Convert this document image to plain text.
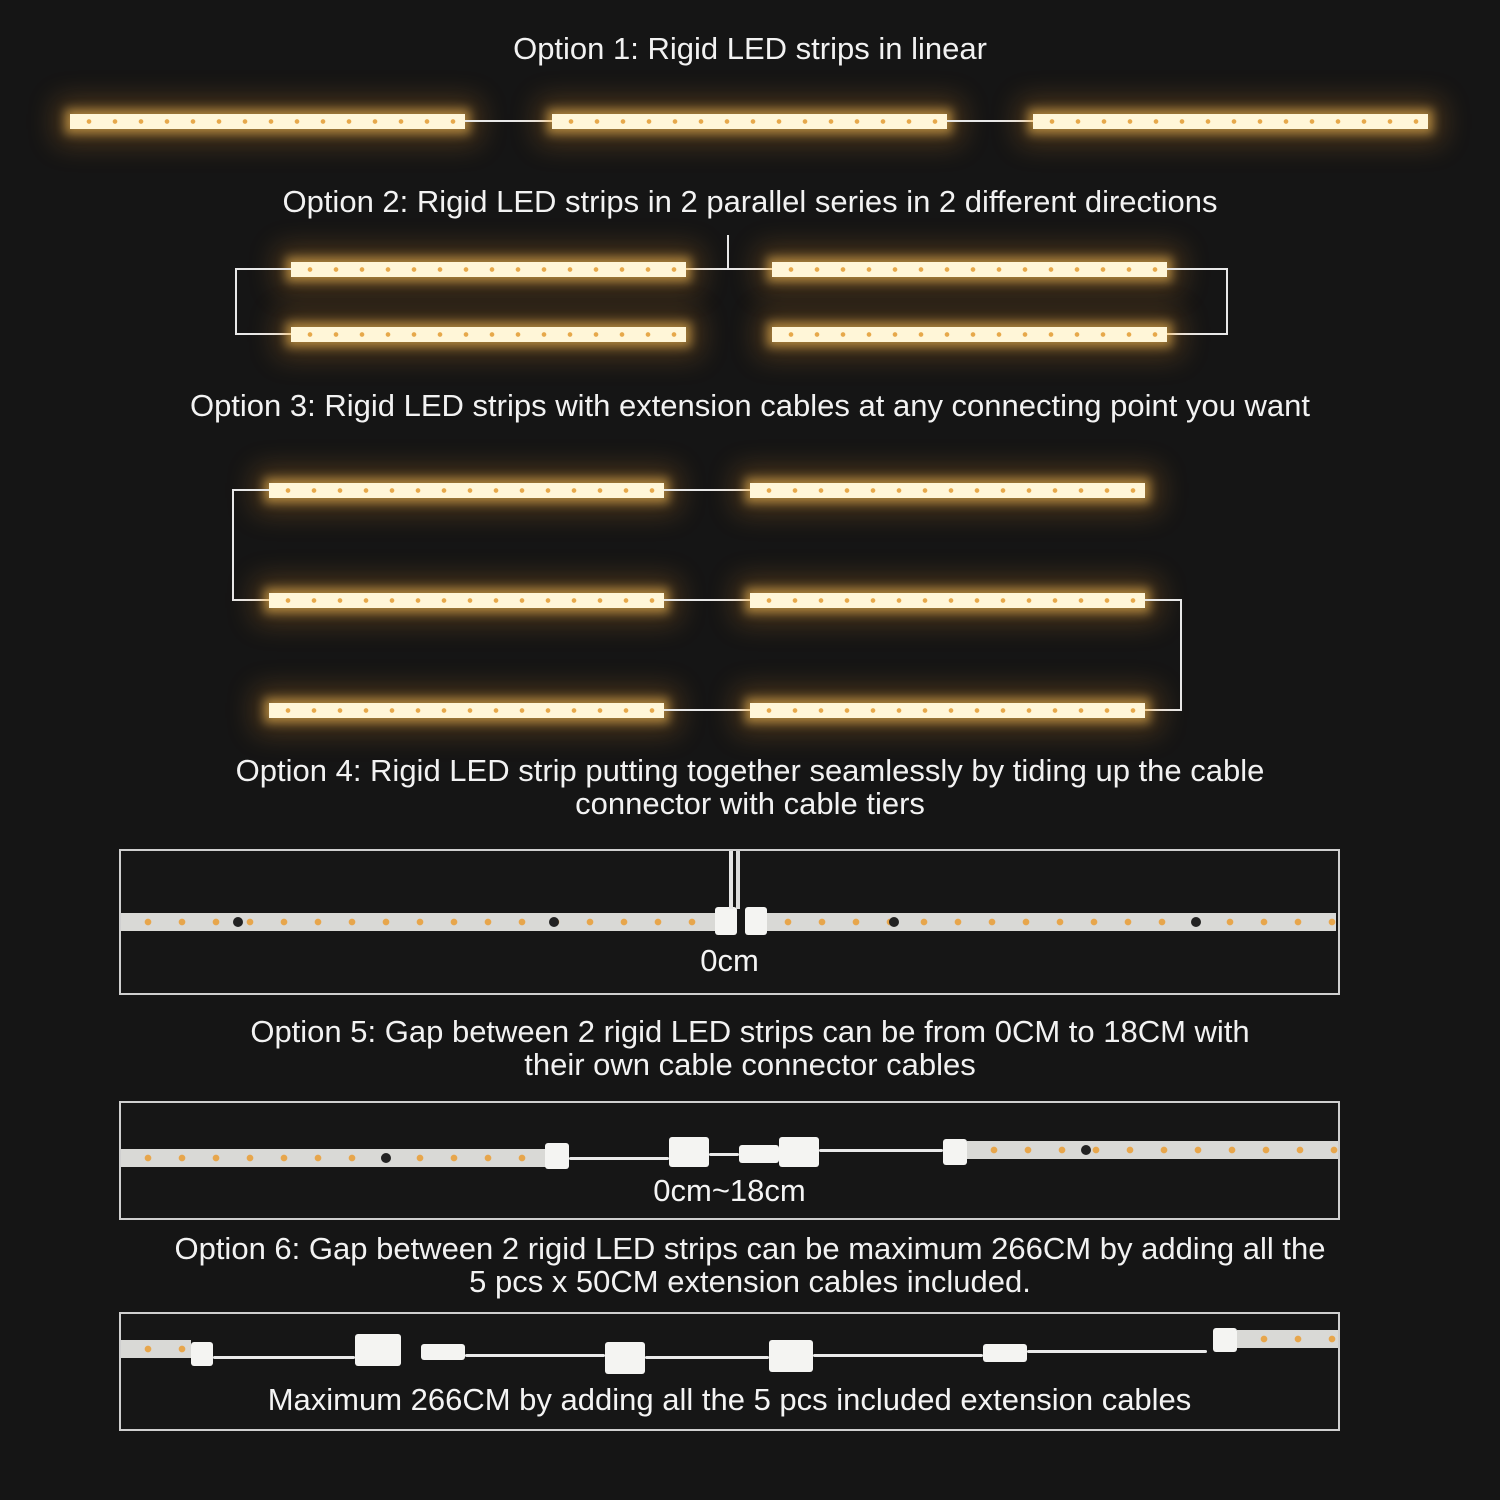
Option 1: Rigid LED strips in linear
Option 2: Rigid LED strips in 2 parallel series in 2 different directions
Option 3: Rigid LED strips with extension cables at any connecting point you want
Option 4: Rigid LED strip putting together seamlessly by tiding up the cable
connector with cable tiers
0cm
Option 5: Gap between 2 rigid LED strips can be from 0CM to 18CM with
their own cable connector cables
0cm~18cm
Option 6: Gap between 2 rigid LED strips can be maximum 266CM by adding all the
5 pcs x 50CM extension cables included.
Maximum 266CM by adding all the 5 pcs included extension cables
